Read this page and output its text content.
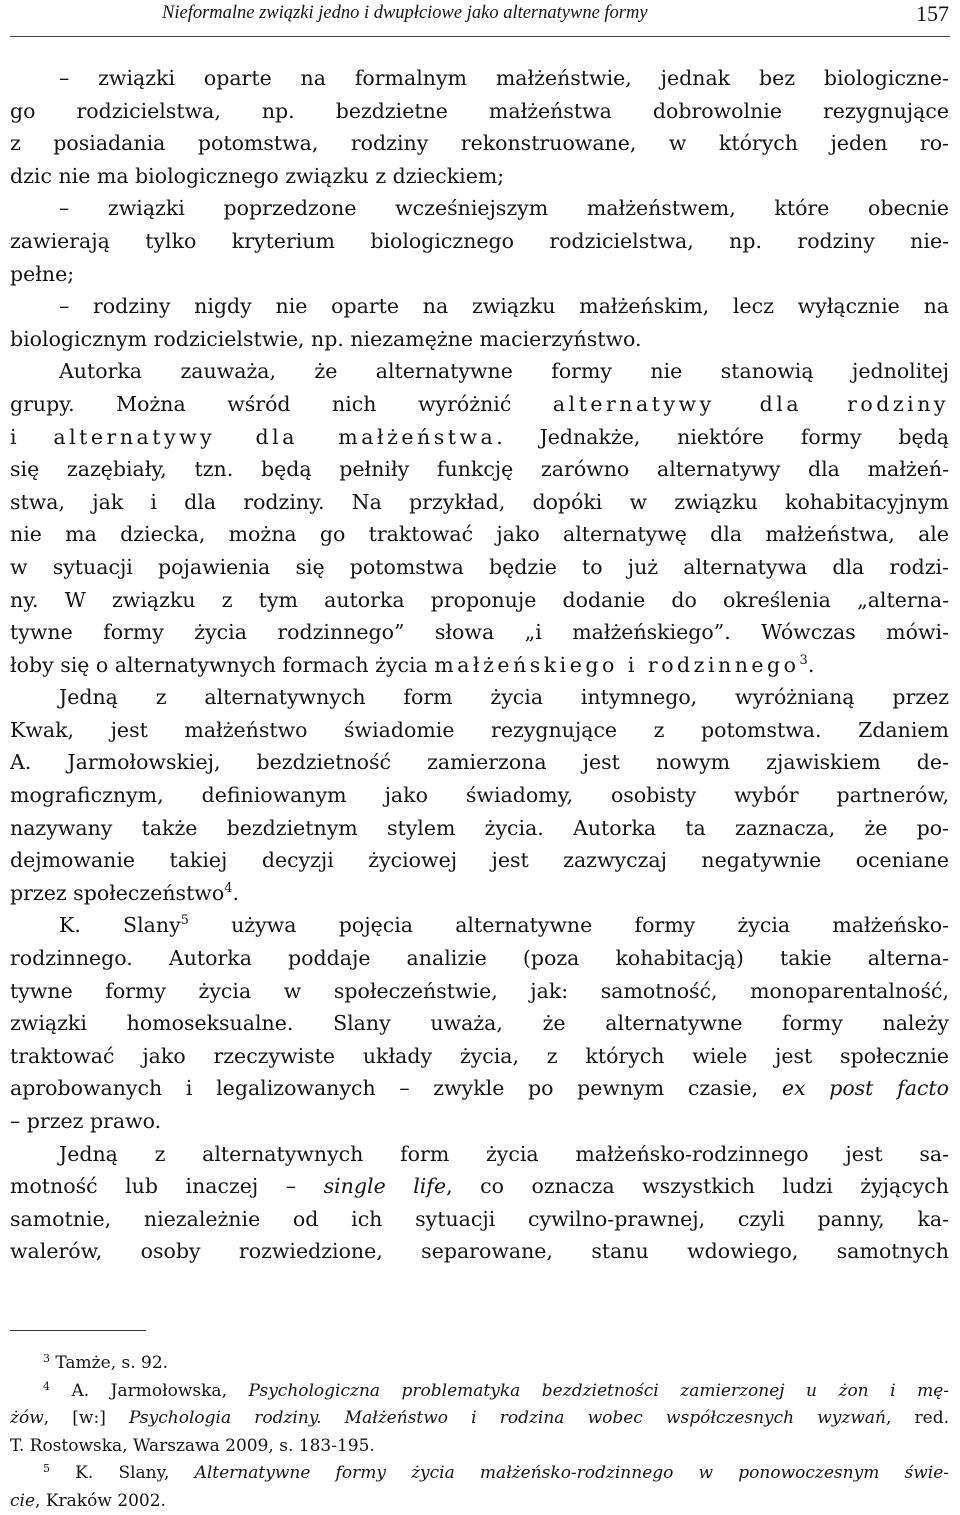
Nieformalne związki jedno i dwupłciowe jako alternatywne formy	157
– związki oparte na formalnym małżeństwie, jednak bez biologiczne-
go rodzicielstwa, np. bezdzietne małżeństwa dobrowolnie rezygnujące
z posiadania potomstwa, rodziny rekonstruowane, w których jeden ro-
dzic nie ma biologicznego związku z dzieckiem;
– związki poprzedzone wcześniejszym małżeństwem, które obecnie
zawierają tylko kryterium biologicznego rodzicielstwa, np. rodziny nie-
pełne;
– rodziny nigdy nie oparte na związku małżeńskim, lecz wyłącznie na
biologicznym rodzicielstwie, np. niezamężne macierzyństwo.
Autorka zauważa, że alternatywne formy nie stanowią jednolitej
grupy. Można wśród nich wyróżnić alternatywy dla rodziny
i alternatywy dla małżeństwa. Jednakże, niektóre formy będą
się zazębiały, tzn. będą pełniły funkcję zarówno alternatywy dla małżeń-
stwa, jak i dla rodziny. Na przykład, dopóki w związku kohabitacyjnym
nie ma dziecka, można go traktować jako alternatywę dla małżeństwa, ale
w sytuacji pojawienia się potomstwa będzie to już alternatywa dla rodzi-
ny. W związku z tym autorka proponuje dodanie do określenia „alterna-
tywne formy życia rodzinnego” słowa „i małżeńskiego”. Wówczas mówi-
łoby się o alternatywnych formach życia małżeńskiego i rodzinnego$^3$.
Jedną z alternatywnych form życia intymnego, wyróżnianą przez
Kwak, jest małżeństwo świadomie rezygnujące z potomstwa. Zdaniem
A. Jarmołowskiej, bezdzietność zamierzona jest nowym zjawiskiem de-
mograficznym, definiowanym jako świadomy, osobisty wybór partnerów,
nazywany także bezdzietnym stylem życia. Autorka ta zaznacza, że po-
dejmowanie takiej decyzji życiowej jest zazwyczaj negatywnie oceniane
przez społeczeństwo$^4$.
K. Slany$^5$ używa pojęcia alternatywne formy życia małżeńsko-
rodzinnego. Autorka poddaje analizie (poza kohabitacją) takie alterna-
tywne formy życia w społeczeństwie, jak: samotność, monoparentalność,
związki homoseksualne. Slany uważa, że alternatywne formy należy
traktować jako rzeczywiste układy życia, z których wiele jest społecznie
aprobowanych i legalizowanych – zwykle po pewnym czasie, ex post facto
– przez prawo.
Jedną z alternatywnych form życia małżeńsko-rodzinnego jest sa-
motność lub inaczej – single life, co oznacza wszystkich ludzi żyjących
samotnie, niezależnie od ich sytuacji cywilno-prawnej, czyli panny, ka-
walerów, osoby rozwiedzione, separowane, stanu wdowiego, samotnych
$^3$ Tamże, s. 92.
$^4$ A. Jarmołowska, Psychologiczna problematyka bezdzietności zamierzonej u żon i mę-
żów, [w:] Psychologia rodziny. Małżeństwo i rodzina wobec współczesnych wyzwań, red.
T. Rostowska, Warszawa 2009, s. 183-195.
$^5$ K. Slany, Alternatywne formy życia małżeńsko-rodzinnego w ponowoczesnym świe-
cie, Kraków 2002.
